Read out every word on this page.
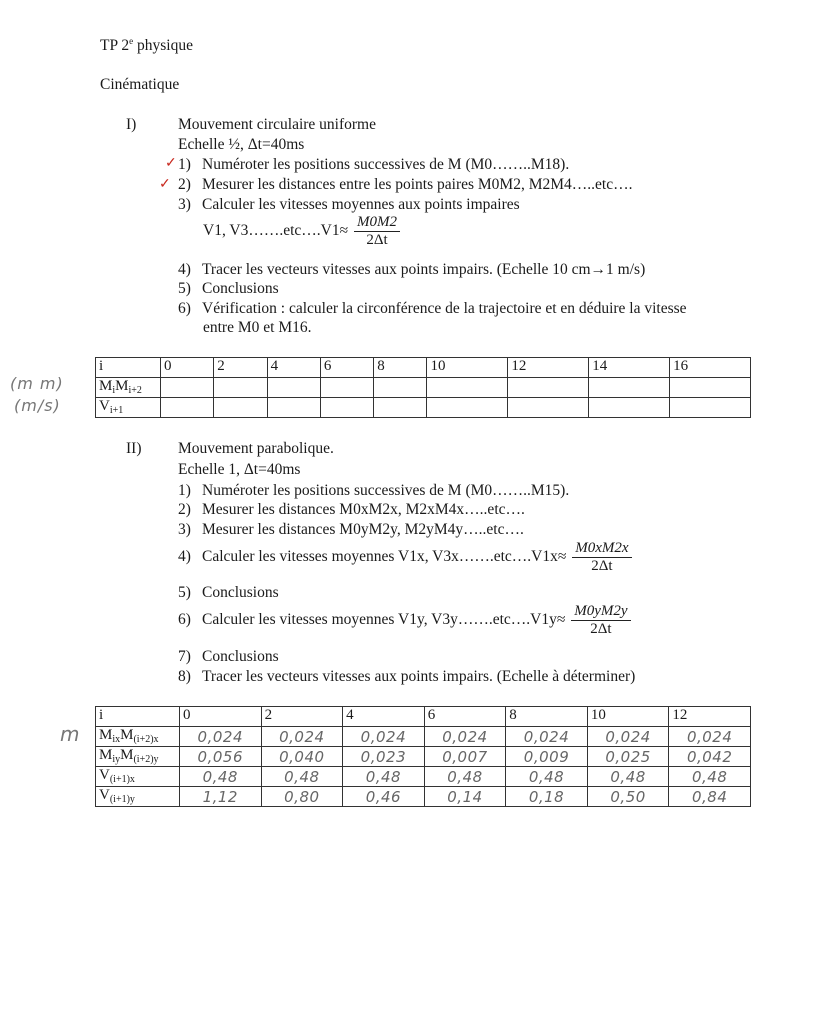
TP 2e physique
Cinématique
I)	Mouvement circulaire uniforme
Echelle ½, Δt=40ms
✓ 1) Numéroter les positions successives de M (M0……..M18).
✓ 2) Mesurer les distances entre les points paires M0M2, M2M4…..etc….
3) Calculer les vitesses moyennes aux points impaires
V1, V3…….etc….V1≈ $\frac{M0M2}{2\Delta t}$
4) Tracer les vecteurs vitesses aux points impairs. (Echelle 10 cm→1 m/s)
5) Conclusions
6) Vérification : calculer la circonférence de la trajectoire et en déduire la vitesse
entre M0 et M16.
(m m)
(m/s)
i	0	2	4	6	8	10	12	14	16
$M_iM_{i+2}$									
$V_{i+1}$									
II) Mouvement parabolique.
Echelle 1, Δt=40ms
1) Numéroter les positions successives de M (M0……..M15).
2) Mesurer les distances M0xM2x, M2xM4x…..etc….
3) Mesurer les distances M0yM2y, M2yM4y…..etc….
4) Calculer les vitesses moyennes V1x, V3x…….etc….V1x≈ $\frac{M0xM2x}{2\Delta t}$
5) Conclusions
6) Calculer les vitesses moyennes V1y, V3y…….etc….V1y≈ $\frac{M0yM2y}{2\Delta t}$
7) Conclusions
8) Tracer les vecteurs vitesses aux points impairs. (Echelle à déterminer)
m
i	0	2	4	6	8	10	12
$M_{ix}M_{(i+2)x}$	0,024	0,024	0,024	0,024	0,024	0,024	0,024
$M_{iy}M_{(i+2)y}$	0,056	0,040	0,023	0,007	0,009	0,025	0,042
$V_{(i+1)x}$	0,48	0,48	0,48	0,48	0,48	0,48	0,48
$V_{(i+1)y}$	1,12	0,80	0,46	0,14	0,18	0,50	0,84
